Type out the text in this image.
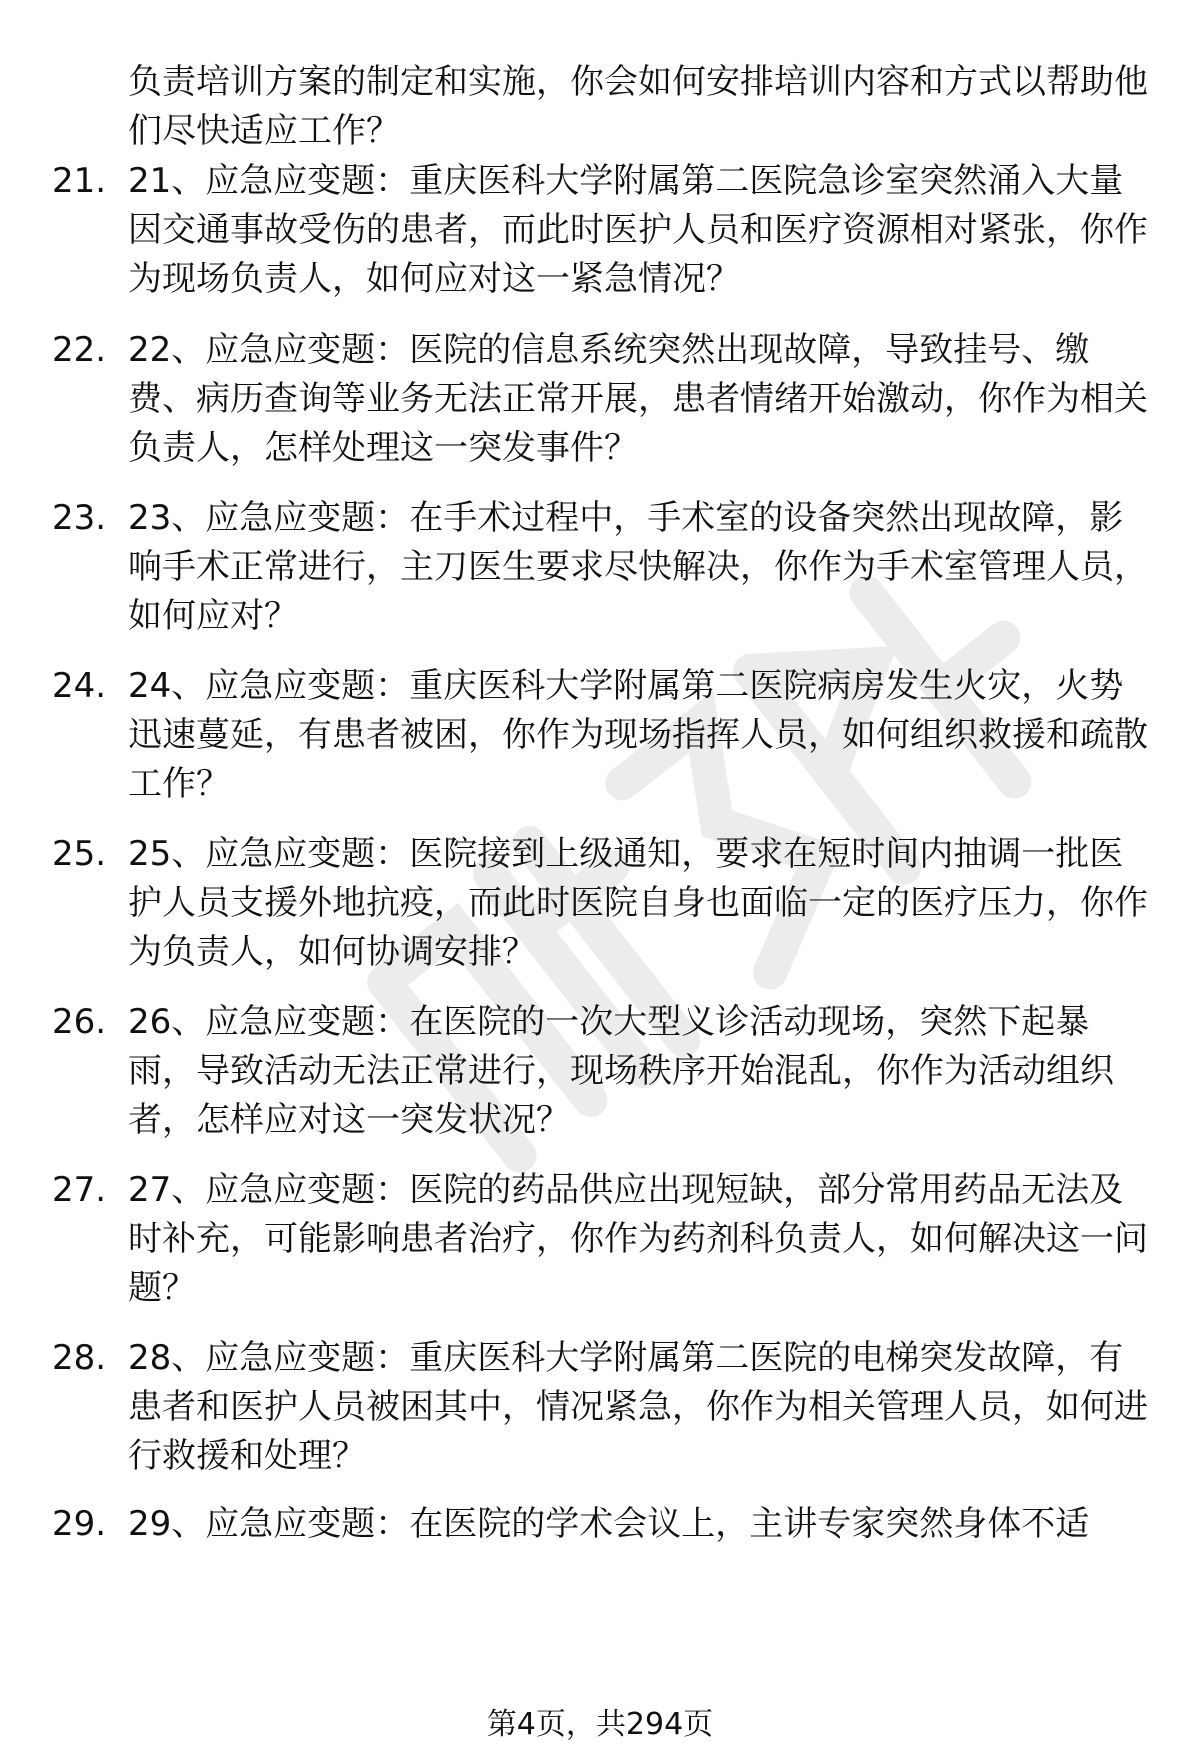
负责培训方案的制定和实施，你会如何安排培训内容和方式以帮助他们尽快适应工作？
21. 21、应急应变题：重庆医科大学附属第二医院急诊室突然涌入大量因交通事故受伤的患者，而此时医护人员和医疗资源相对紧张，你作为现场负责人，如何应对这一紧急情况？
22. 22、应急应变题：医院的信息系统突然出现故障，导致挂号、缴费、病历查询等业务无法正常开展，患者情绪开始激动，你作为相关负责人，怎样处理这一突发事件？
23. 23、应急应变题：在手术过程中，手术室的设备突然出现故障，影响手术正常进行，主刀医生要求尽快解决，你作为手术室管理人员，如何应对？
24. 24、应急应变题：重庆医科大学附属第二医院病房发生火灾，火势迅速蔓延，有患者被困，你作为现场指挥人员，如何组织救援和疏散工作？
25. 25、应急应变题：医院接到上级通知，要求在短时间内抽调一批医护人员支援外地抗疫，而此时医院自身也面临一定的医疗压力，你作为负责人，如何协调安排？
26. 26、应急应变题：在医院的一次大型义诊活动现场，突然下起暴雨，导致活动无法正常进行，现场秩序开始混乱，你作为活动组织者，怎样应对这一突发状况？
27. 27、应急应变题：医院的药品供应出现短缺，部分常用药品无法及时补充，可能影响患者治疗，你作为药剂科负责人，如何解决这一问题？
28. 28、应急应变题：重庆医科大学附属第二医院的电梯突发故障，有患者和医护人员被困其中，情况紧急，你作为相关管理人员，如何进行救援和处理？
29. 29、应急应变题：在医院的学术会议上，主讲专家突然身体不适
第4页，共294页
